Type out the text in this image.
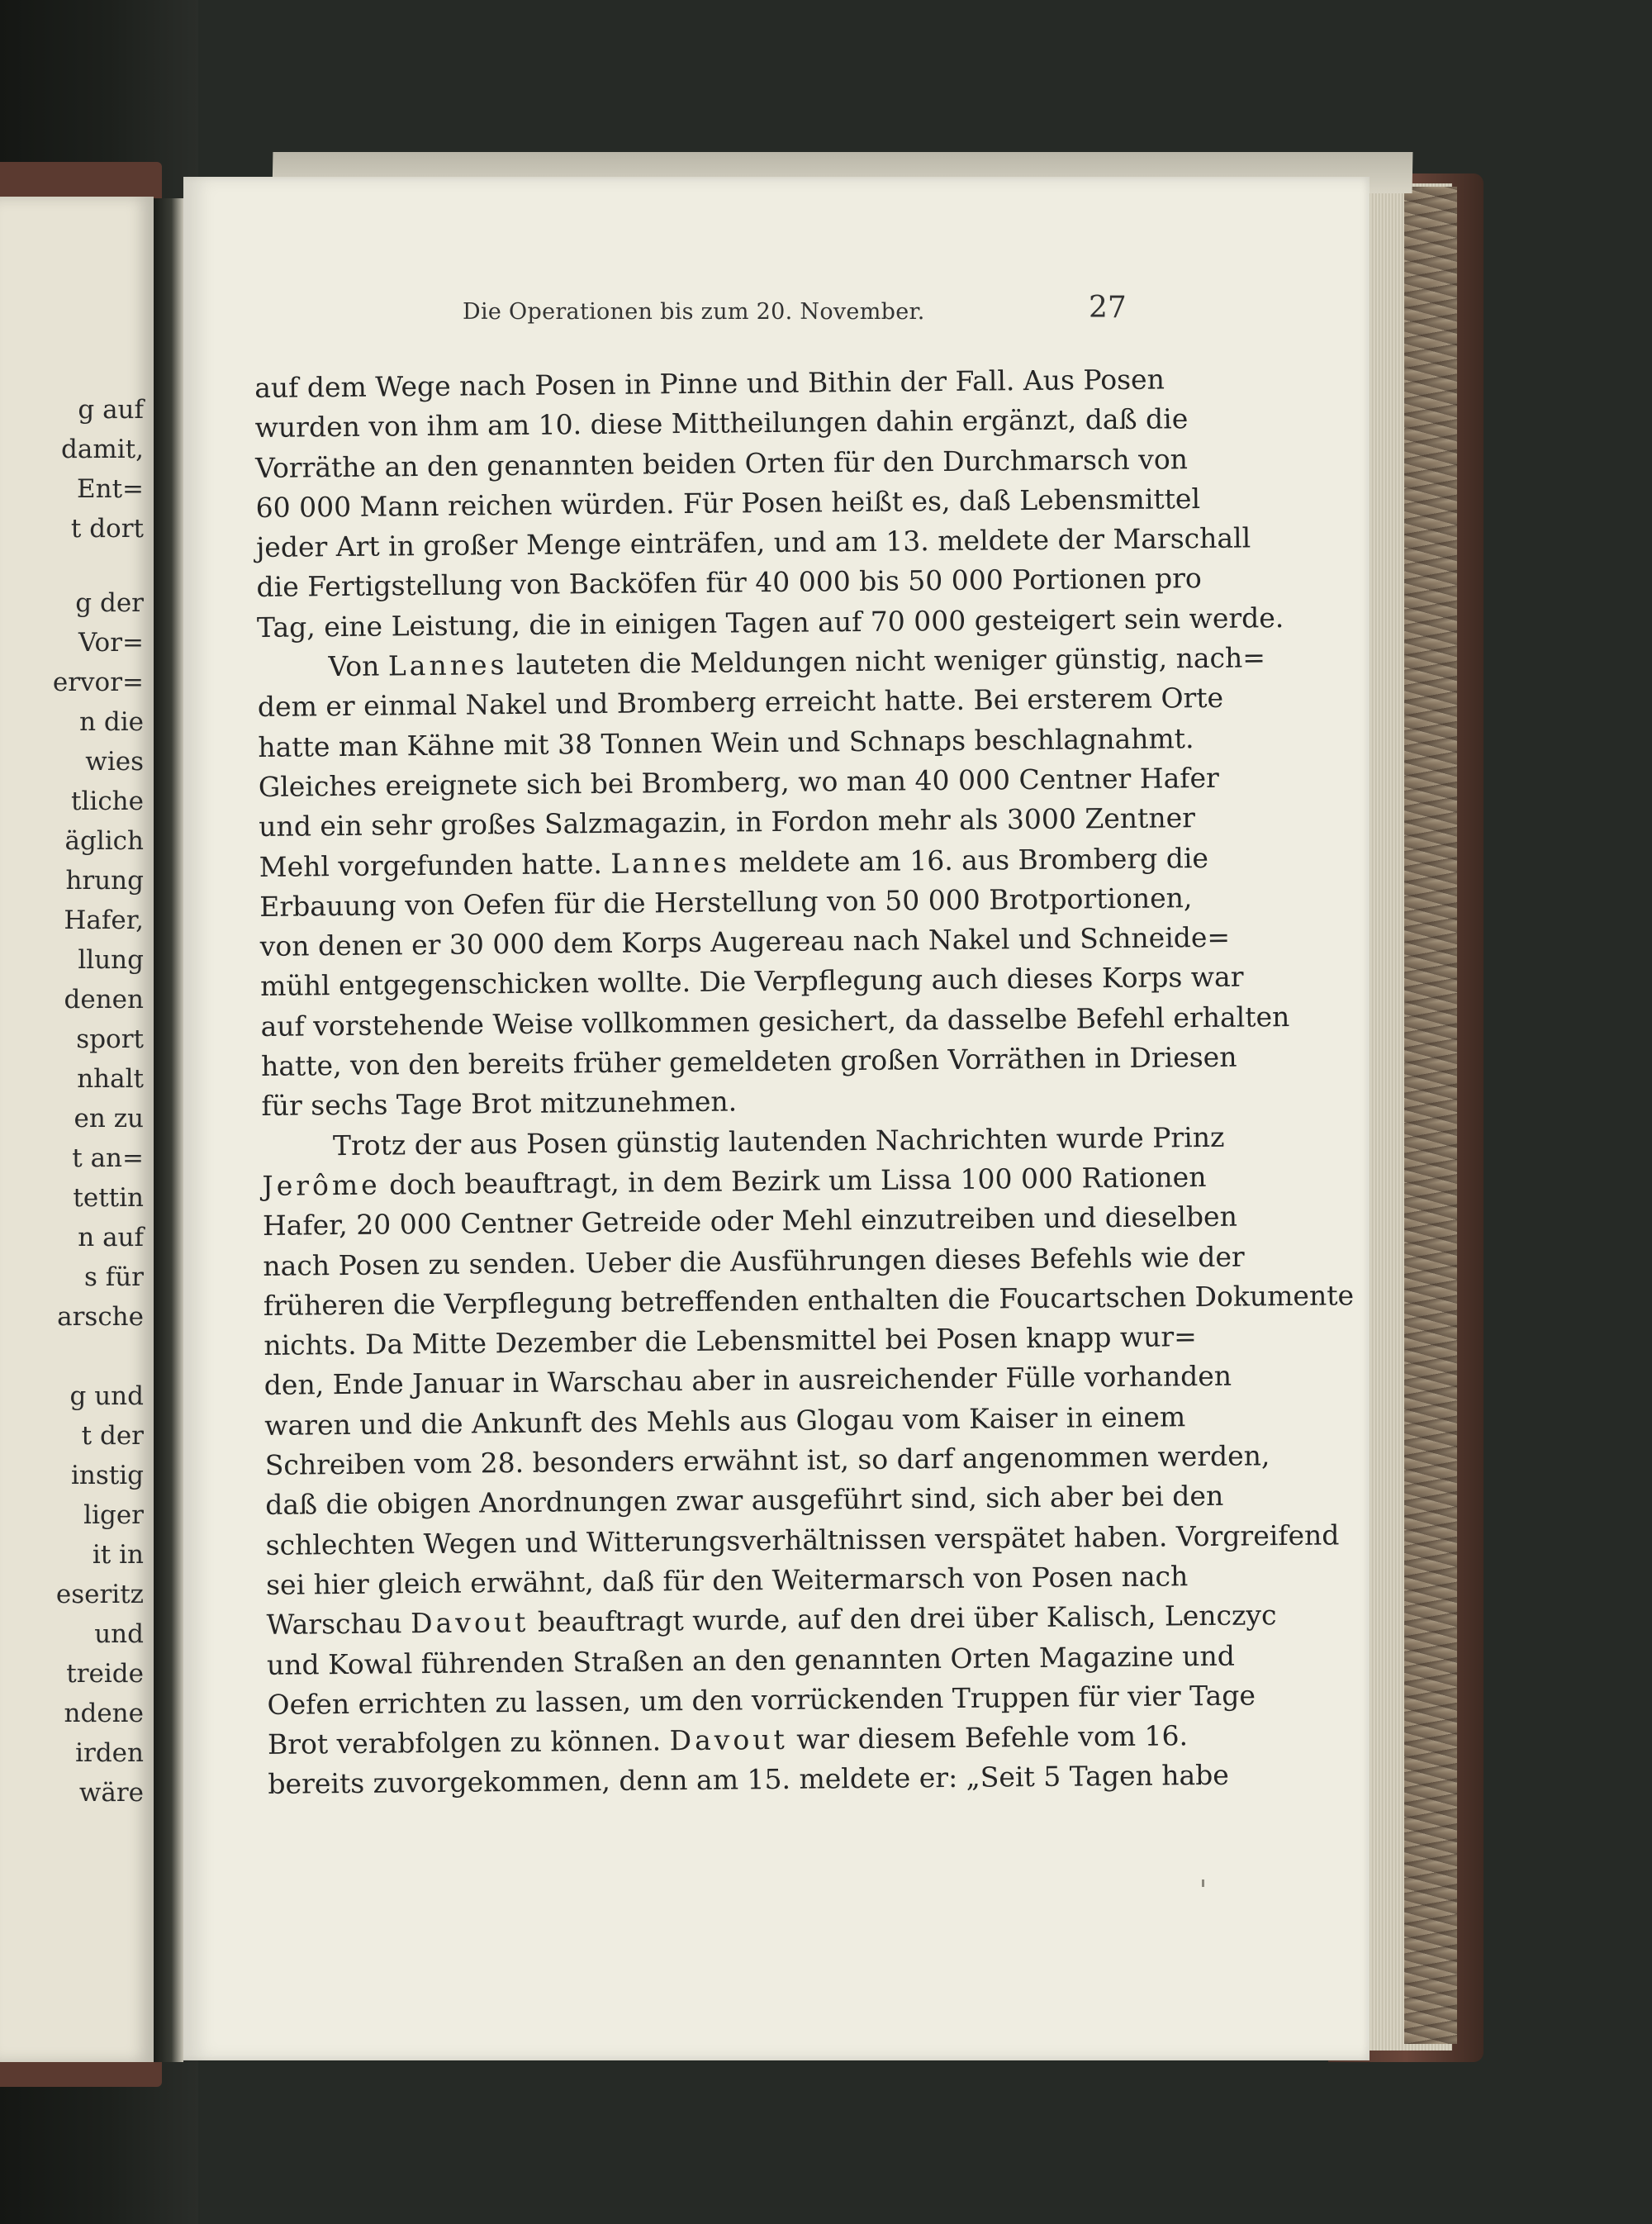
g auf
damit,
Ent=
t dort
g der
Vor=
ervor=
n die
wies
tliche
äglich
hrung
Hafer,
llung
denen
sport
nhalt
en zu
t an=
tettin
n auf
s für
arsche
g und
t der
instig
liger
it in
eseritz
und
treide
ndene
irden
wäre
Die Operationen bis zum 20. November.	27
auf dem Wege nach Posen in Pinne und Bithin der Fall. Aus Posen
wurden von ihm am 10. diese Mittheilungen dahin ergänzt, daß die
Vorräthe an den genannten beiden Orten für den Durchmarsch von
60 000 Mann reichen würden. Für Posen heißt es, daß Lebensmittel
jeder Art in großer Menge einträfen, und am 13. meldete der Marschall
die Fertigstellung von Backöfen für 40 000 bis 50 000 Portionen pro
Tag, eine Leistung, die in einigen Tagen auf 70 000 gesteigert sein werde.
Von Lannes lauteten die Meldungen nicht weniger günstig, nach=
dem er einmal Nakel und Bromberg erreicht hatte. Bei ersterem Orte
hatte man Kähne mit 38 Tonnen Wein und Schnaps beschlagnahmt.
Gleiches ereignete sich bei Bromberg, wo man 40 000 Centner Hafer
und ein sehr großes Salzmagazin, in Fordon mehr als 3000 Zentner
Mehl vorgefunden hatte. Lannes meldete am 16. aus Bromberg die
Erbauung von Oefen für die Herstellung von 50 000 Brotportionen,
von denen er 30 000 dem Korps Augereau nach Nakel und Schneide=
mühl entgegenschicken wollte. Die Verpflegung auch dieses Korps war
auf vorstehende Weise vollkommen gesichert, da dasselbe Befehl erhalten
hatte, von den bereits früher gemeldeten großen Vorräthen in Driesen
für sechs Tage Brot mitzunehmen.
Trotz der aus Posen günstig lautenden Nachrichten wurde Prinz
Jerôme doch beauftragt, in dem Bezirk um Lissa 100 000 Rationen
Hafer, 20 000 Centner Getreide oder Mehl einzutreiben und dieselben
nach Posen zu senden. Ueber die Ausführungen dieses Befehls wie der
früheren die Verpflegung betreffenden enthalten die Foucartschen Dokumente
nichts. Da Mitte Dezember die Lebensmittel bei Posen knapp wur=
den, Ende Januar in Warschau aber in ausreichender Fülle vorhanden
waren und die Ankunft des Mehls aus Glogau vom Kaiser in einem
Schreiben vom 28. besonders erwähnt ist, so darf angenommen werden,
daß die obigen Anordnungen zwar ausgeführt sind, sich aber bei den
schlechten Wegen und Witterungsverhältnissen verspätet haben. Vorgreifend
sei hier gleich erwähnt, daß für den Weitermarsch von Posen nach
Warschau Davout beauftragt wurde, auf den drei über Kalisch, Lenczyc
und Kowal führenden Straßen an den genannten Orten Magazine und
Oefen errichten zu lassen, um den vorrückenden Truppen für vier Tage
Brot verabfolgen zu können. Davout war diesem Befehle vom 16.
bereits zuvorgekommen, denn am 15. meldete er: „Seit 5 Tagen habe
